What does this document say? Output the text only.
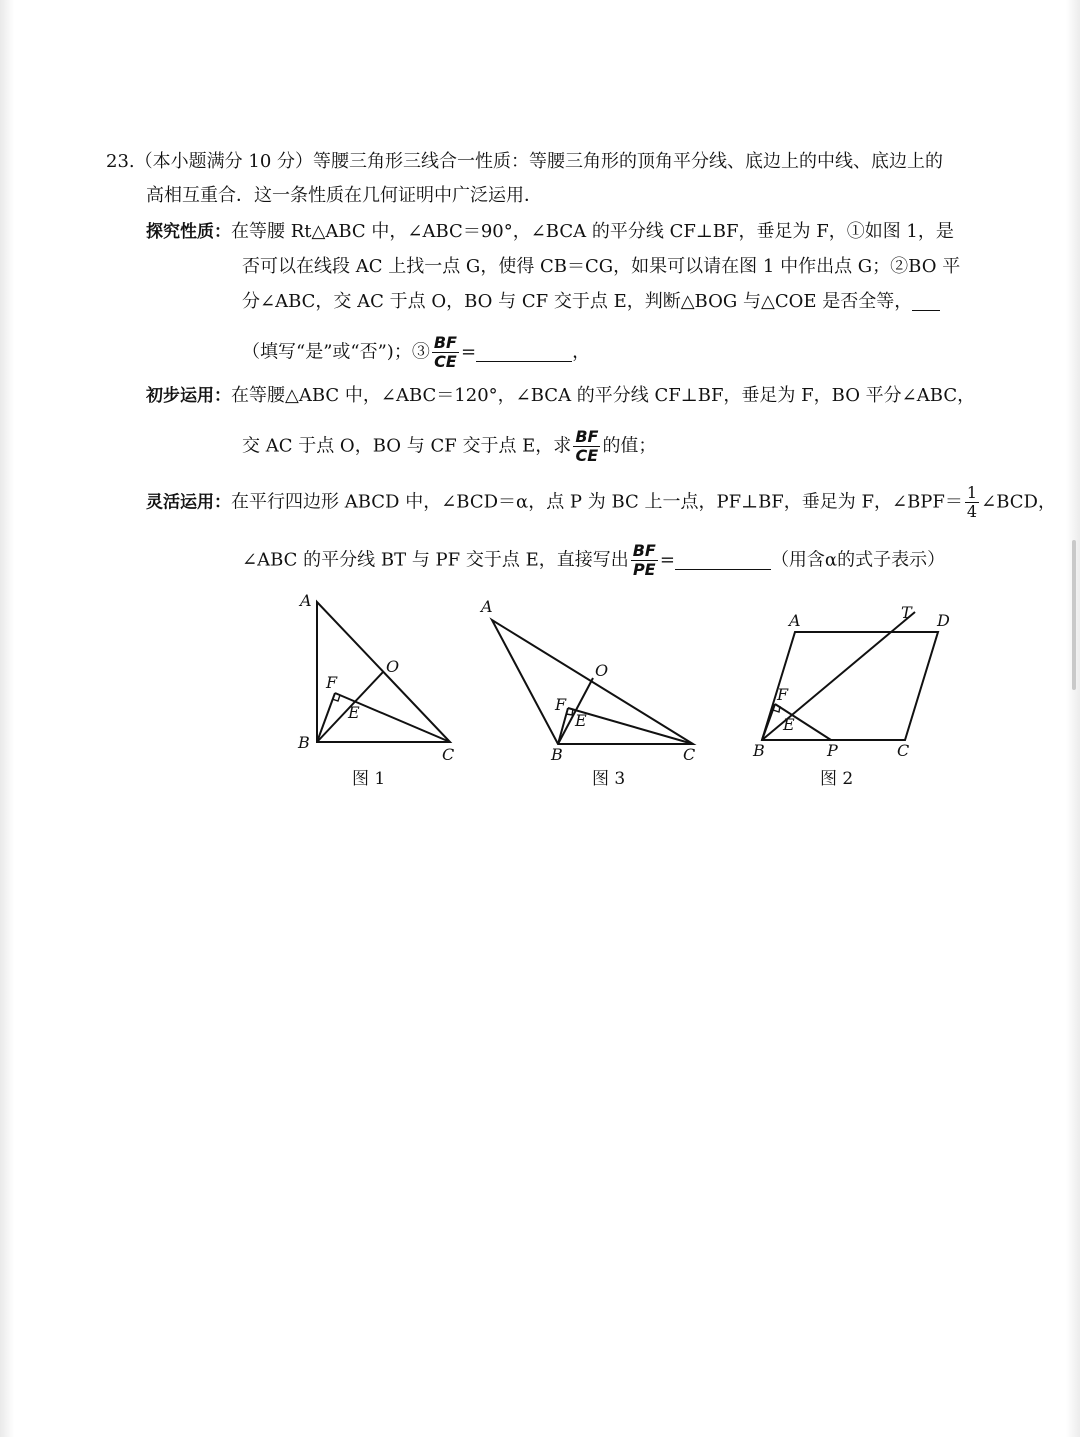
23.（本小题满分 10 分）等腰三角形三线合一性质：等腰三角形的顶角平分线、底边上的中线、底边上的
高相互重合．这一条性质在几何证明中广泛运用．
探究性质：在等腰 Rt△ABC 中，∠ABC＝90°，∠BCA 的平分线 CF⊥BF，垂足为 F，①如图 1，是
否可以在线段 AC 上找一点 G，使得 CB＝CG，如果可以请在图 1 中作出点 G；②BO 平
分∠ABC，交 AC 于点 O，BO 与 CF 交于点 E，判断△BOG 与△COE 是否全等，
（填写“是”或“否”)；③ $\frac{BF}{CE}$ =	，
初步运用：在等腰△ABC 中，∠ABC＝120°，∠BCA 的平分线 CF⊥BF，垂足为 F，BO 平分∠ABC，
交 AC 于点 O，BO 与 CF 交于点 E，求 $\frac{BF}{CE}$ 的值；
灵活运用：在平行四边形 ABCD 中，∠BCD＝α，点 P 为 BC 上一点，PF⊥BF，垂足为 F，∠BPF＝ $\frac{1}{4}$ ∠BCD，
∠ABC 的平分线 BT 与 PF 交于点 E，直接写出 $\frac{BF}{PE}$ =	（用含α的式子表示）
A
B
C
O
F
E
图 1
A
B	C
O
F
E
图 3
A	T D
F
E
B	P	C
图 2
